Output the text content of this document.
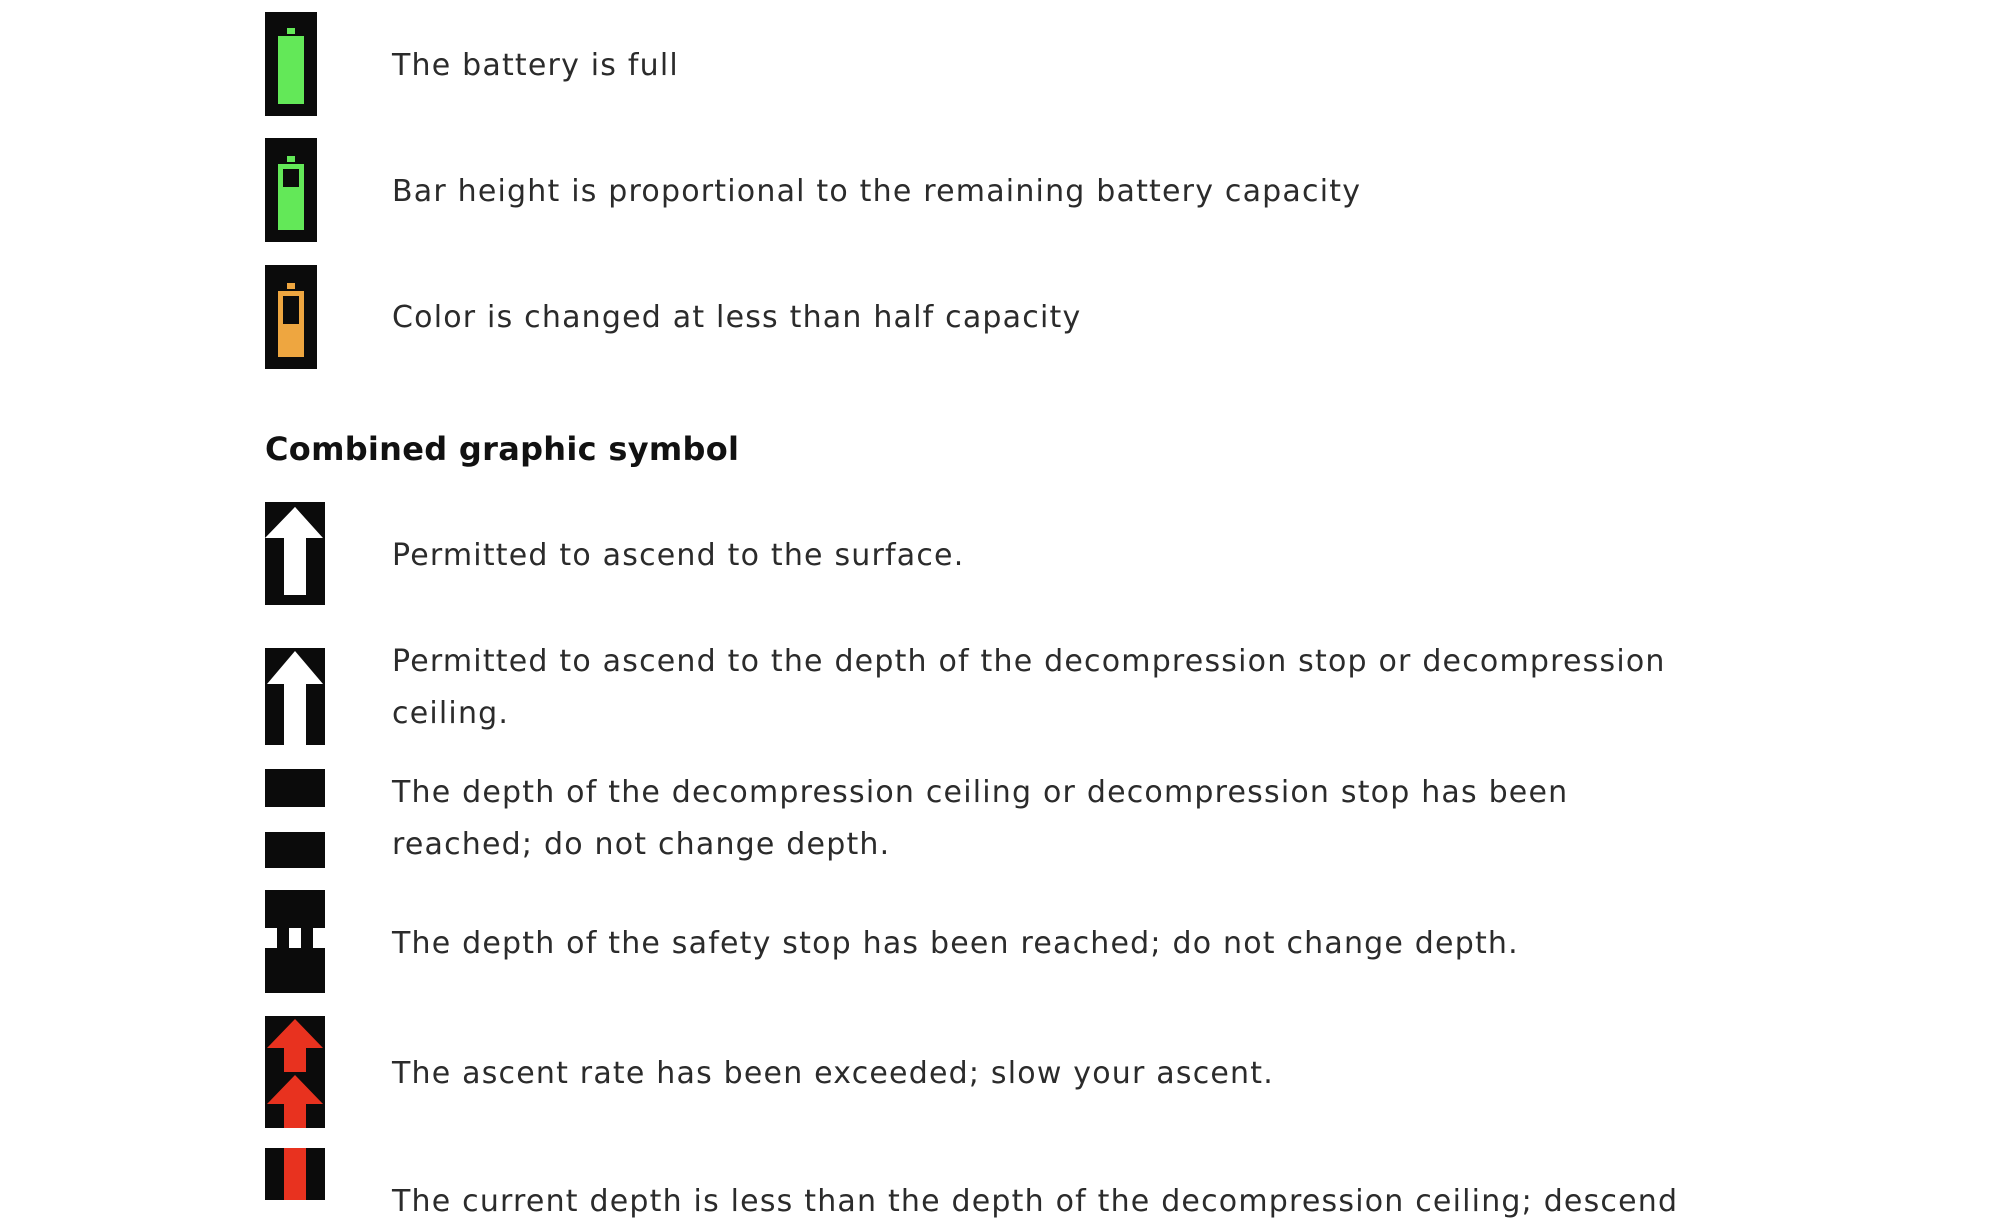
The battery is full
Bar height is proportional to the remaining battery capacity
Color is changed at less than half capacity
Combined graphic symbol
Permitted to ascend to the surface.
Permitted to ascend to the depth of the decompression stop or decompression ceiling.
The depth of the decompression ceiling or decompression stop has been reached; do not change depth.
The depth of the safety stop has been reached; do not change depth.
The ascent rate has been exceeded; slow your ascent.
The current depth is less than the depth of the decompression ceiling; descend
